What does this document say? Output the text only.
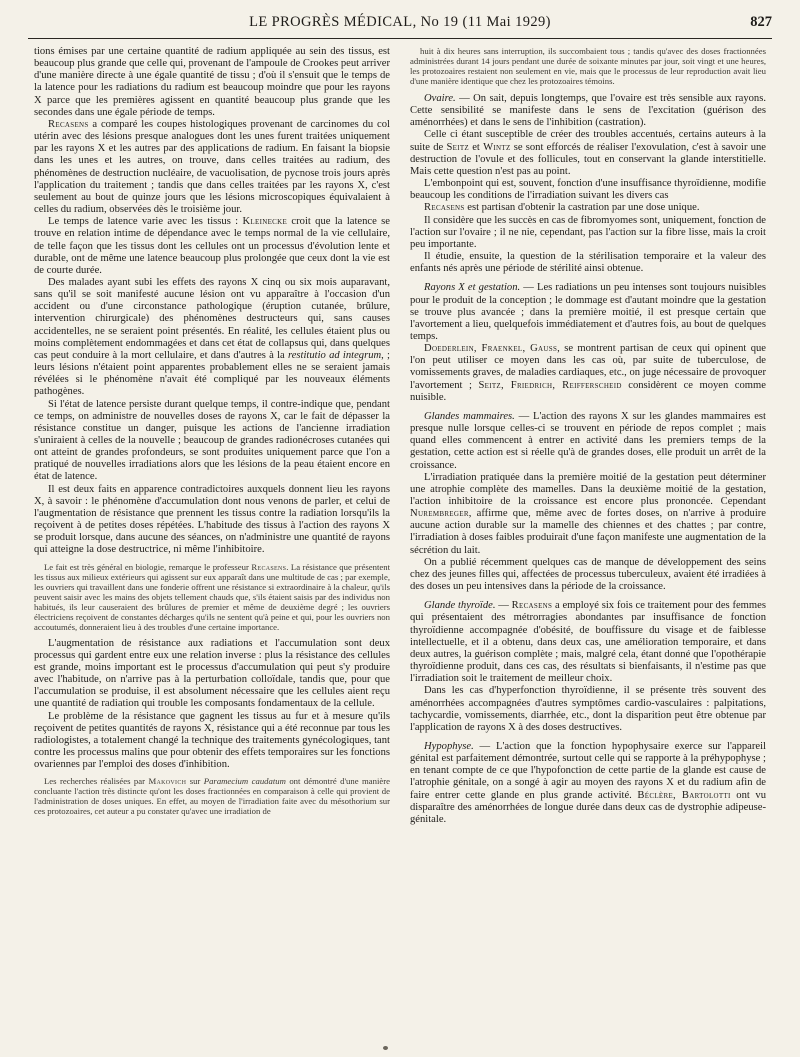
LE PROGRÈS MÉDICAL, No 19 (11 Mai 1929)	827

tions émises par une certaine quantité de radium appliquée au sein des tissus, est beaucoup plus grande que celle qui, provenant de l'ampoule de Crookes peut arriver d'une manière directe à une égale quantité de tissu ; d'où il s'ensuit que le temps de la latence pour les radiations du radium est beaucoup moindre que pour les rayons X parce que les premières agissent en quantité beaucoup plus grande que les secondes dans une égale période de temps.

Recasens a comparé les coupes histologiques provenant de carcinomes du col utérin avec des lésions presque analogues dont les unes furent traitées uniquement par les rayons X et les autres par des applications de radium. En faisant la biopsie dans les unes et les autres, on trouve, dans celles traitées au radium, des phénomènes de destruction nucléaire, de vacuolisation, de pycnose trois jours après l'application du traitement ; tandis que dans celles traitées par les rayons X, c'est seulement au bout de quinze jours que les lésions microscopiques équivalaient à celles du radium, observées dès le troisième jour.

Le temps de latence varie avec les tissus : Kleinecke croit que la latence se trouve en relation intime de dépendance avec le temps normal de la vie cellulaire, de telle façon que les tissus dont les cellules ont un processus d'évolution lente et durable, ont de même une latence beaucoup plus prolongée que ceux dont la vie est de courte durée.

Des malades ayant subi les effets des rayons X cinq ou six mois auparavant, sans qu'il se soit manifesté aucune lésion ont vu apparaître à l'occasion d'un accident ou d'une circonstance pathologique (éruption cutanée, brûlure, intervention chirurgicale) des phénomènes destructeurs qui, sans causes accidentelles, ne se seraient point présentés. En réalité, les cellules étaient plus ou moins complètement endommagées et dans cet état de collapsus qui, dans quelques cas peut conduire à la mort cellulaire, et dans d'autres à la restitutio ad integrum, ; leurs lésions n'étaient point apparentes probablement elles ne se seraient jamais révélées si le phénomène n'avait été compliqué par les nouveaux éléments pathogènes.

Si l'état de latence persiste durant quelque temps, il contre-indique que, pendant ce temps, on administre de nouvelles doses de rayons X, car le fait de dépasser la résistance constitue un danger, puisque les actions de l'ancienne irradiation s'uniraient à celles de la nouvelle ; beaucoup de grandes radionécroses cutanées qui ont atteint de grandes profondeurs, se sont produites uniquement parce que l'on a pratiqué de nouvelles irradiations alors que les lésions de la peau étaient encore en état de latence.

Il est deux faits en apparence contradictoires auxquels donnent lieu les rayons X, à savoir : le phénomène d'accumulation dont nous venons de parler, et celui de l'augmentation de résistance que prennent les tissus contre la radiation lorsqu'ils la reçoivent à de petites doses répétées. L'habitude des tissus à l'action des rayons X se produit lorsque, dans aucune des séances, on n'administre une quantité de rayons qui atteigne la dose destructrice, ni même l'inhibitoire.

Le fait est très général en biologie, remarque le professeur Recasens. La résistance que présentent les tissus aux milieux extérieurs qui agissent sur eux apparaît dans une multitude de cas ; par exemple, les ouvriers qui travaillent dans une fonderie offrent une résistance si extraordinaire à la chaleur, qu'ils peuvent saisir avec les mains des objets tellement chauds que, s'ils étaient saisis par des individus non habitués, ils leur causeraient des brûlures de premier et même de deuxième degré ; les ouvriers électriciens reçoivent de constantes décharges qu'ils ne sentent qu'à peine et qui, pour les ouvriers non accoutumés, donneraient lieu à des troubles d'une certaine importance.

L'augmentation de résistance aux radiations et l'accumulation sont deux processus qui gardent entre eux une relation inverse : plus la résistance des cellules est grande, moins important est le processus d'accumulation qui peut s'y produire avec l'habitude, on n'arrive pas à la perturbation colloïdale, tandis que, pour que l'accumulation se produise, il est absolument nécessaire que les cellules aient reçu une quantité de radiation qui trouble les composants fondamentaux de la cellule.

Le problème de la résistance que gagnent les tissus au fur et à mesure qu'ils reçoivent de petites quantités de rayons X, résistance qui a été reconnue par tous les radiologistes, a totalement changé la technique des traitements gynécologiques, tant contre les processus malins que pour obtenir des effets temporaires sur les fonctions ovariennes par l'emploi des doses d'inhibition.

Les recherches réalisées par Makovich sur Paramecium caudatum ont démontré d'une manière concluante l'action très distincte qu'ont les doses fractionnées en comparaison à celle qui provient de l'administration de doses uniques. En effet, au moyen de l'irradiation faite avec du mésothorium sur ces protozoaires, cet auteur a pu constater qu'avec une irradiation de

huit à dix heures sans interruption, ils succombaient tous ; tandis qu'avec des doses fractionnées administrées durant 14 jours pendant une durée de soixante minutes par jour, soit vingt et une heures, les protozoaires restaient non seulement en vie, mais que le processus de leur reproduction avait lieu d'une manière identique que chez les protozoaires témoins.

Ovaire. — On sait, depuis longtemps, que l'ovaire est très sensible aux rayons. Cette sensibilité se manifeste dans le sens de l'excitation (guérison des aménorrhées) et dans le sens de l'inhibition (castration).

Celle ci étant susceptible de créer des troubles accentués, certains auteurs à la suite de Seitz et Wintz se sont efforcés de réaliser l'exovulation, c'est à savoir une destruction de l'ovule et des follicules, tout en conservant la glande interstitielle. Mais cette question n'est pas au point.

L'embonpoint qui est, souvent, fonction d'une insuffisance thyroïdienne, modifie beaucoup les conditions de l'irradiation suivant les divers cas

Recasens est partisan d'obtenir la castration par une dose unique.

Il considère que les succès en cas de fibromyomes sont, uniquement, fonction de l'action sur l'ovaire ; il ne nie, cependant, pas l'action sur la fibre lisse, mais la croit peu importante.

Il étudie, ensuite, la question de la stérilisation temporaire et la valeur des enfants nés après une période de stérilité ainsi obtenue.

Rayons X et gestation. — Les radiations un peu intenses sont toujours nuisibles pour le produit de la conception ; le dommage est d'autant moindre que la gestation se trouve plus avancée ; dans la première moitié, il est presque certain que l'avortement a lieu, quelquefois immédiatement et d'autres fois, au bout de quelques temps.

Doederlein, Fraenkel, Gauss, se montrent partisan de ceux qui opinent que l'on peut utiliser ce moyen dans les cas où, par suite de tuberculose, de vomissements graves, de maladies cardiaques, etc., on juge nécessaire de provoquer l'avortement ; Seitz, Friedrich, Reifferscheid considèrent ce moyen comme nuisible.

Glandes mammaires. — L'action des rayons X sur les glandes mammaires est presque nulle lorsque celles-ci se trouvent en période de repos complet ; mais quand elles commencent à entrer en activité dans les premiers temps de la gestation, cette action est si réelle qu'à de grandes doses, elle produit un arrêt de la croissance.

L'irradiation pratiquée dans la première moitié de la gestation peut déterminer une atrophie complète des mamelles. Dans la deuxième moitié de la gestation, l'action inhibitoire de la croissance est encore plus prononcée. Cependant Nurembreger, affirme que, même avec de fortes doses, on n'arrive à produire aucune action durable sur la mamelle des chiennes et des chattes ; par contre, l'irradiation à doses faibles produirait d'une façon manifeste une augmentation de la sécrétion du lait.

On a publié récemment quelques cas de manque de développement des seins chez des jeunes filles qui, affectées de processus tuberculeux, avaient été irradiées à des doses un peu intensives dans la période de la croissance.

Glande thyroïde. — Recasens a employé six fois ce traitement pour des femmes qui présentaient des métrorragies abondantes par insuffisance de fonction thyroïdienne accompagnée d'obésité, de bouffissure du visage et de faiblesse intellectuelle, et il a obtenu, dans deux cas, une amélioration temporaire, et dans deux autres, la guérison complète ; mais, malgré cela, étant donné que l'opothérapie thyroïdienne produit, dans ces cas, des résultats si bienfaisants, il n'estime pas que l'irradiation soit le traitement de meilleur choix.

Dans les cas d'hyperfonction thyroïdienne, il se présente très souvent des aménorrhées accompagnées d'autres symptômes cardio-vasculaires : palpitations, tachycardie, vomissements, diarrhée, etc., dont la disparition peut être obtenue par l'application de rayons X à des doses destructives.

Hypophyse. — L'action que la fonction hypophysaire exerce sur l'appareil génital est parfaitement démontrée, surtout celle qui se rapporte à la préhypophyse ; en tenant compte de ce que l'hypofonction de cette partie de la glande est cause de l'atrophie génitale, on a songé à agir au moyen des rayons X et du radium afin de faire entrer cette glande en plus grande activité. Béclère, Bartolotti ont vu disparaître des aménorrhées de longue durée dans deux cas de dystrophie adipeuse-génitale.
